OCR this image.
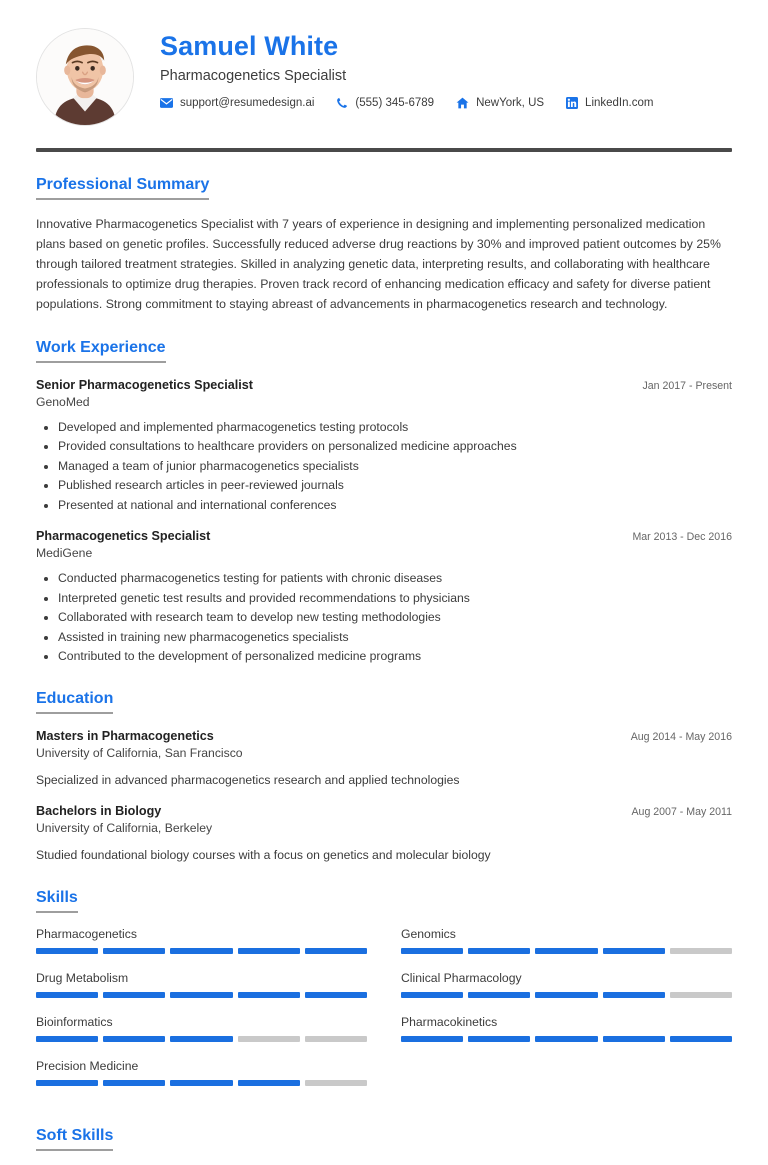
Samuel White
Pharmacogenetics Specialist
support@resumedesign.ai	(555) 345-6789	NewYork, US	LinkedIn.com
Professional Summary
Innovative Pharmacogenetics Specialist with 7 years of experience in designing and implementing personalized medication plans based on genetic profiles. Successfully reduced adverse drug reactions by 30% and improved patient outcomes by 25% through tailored treatment strategies. Skilled in analyzing genetic data, interpreting results, and collaborating with healthcare professionals to optimize drug therapies. Proven track record of enhancing medication efficacy and safety for diverse patient populations. Strong commitment to staying abreast of advancements in pharmacogenetics research and technology.
Work Experience
Senior Pharmacogenetics Specialist	Jan 2017 - Present
GenoMed
• Developed and implemented pharmacogenetics testing protocols
• Provided consultations to healthcare providers on personalized medicine approaches
• Managed a team of junior pharmacogenetics specialists
• Published research articles in peer-reviewed journals
• Presented at national and international conferences
Pharmacogenetics Specialist	Mar 2013 - Dec 2016
MediGene
• Conducted pharmacogenetics testing for patients with chronic diseases
• Interpreted genetic test results and provided recommendations to physicians
• Collaborated with research team to develop new testing methodologies
• Assisted in training new pharmacogenetics specialists
• Contributed to the development of personalized medicine programs
Education
Masters in Pharmacogenetics	Aug 2014 - May 2016
University of California, San Francisco
Specialized in advanced pharmacogenetics research and applied technologies
Bachelors in Biology	Aug 2007 - May 2011
University of California, Berkeley
Studied foundational biology courses with a focus on genetics and molecular biology
Skills
Pharmacogenetics	Genomics
Drug Metabolism	Clinical Pharmacology
Bioinformatics	Pharmacokinetics
Precision Medicine
Soft Skills
